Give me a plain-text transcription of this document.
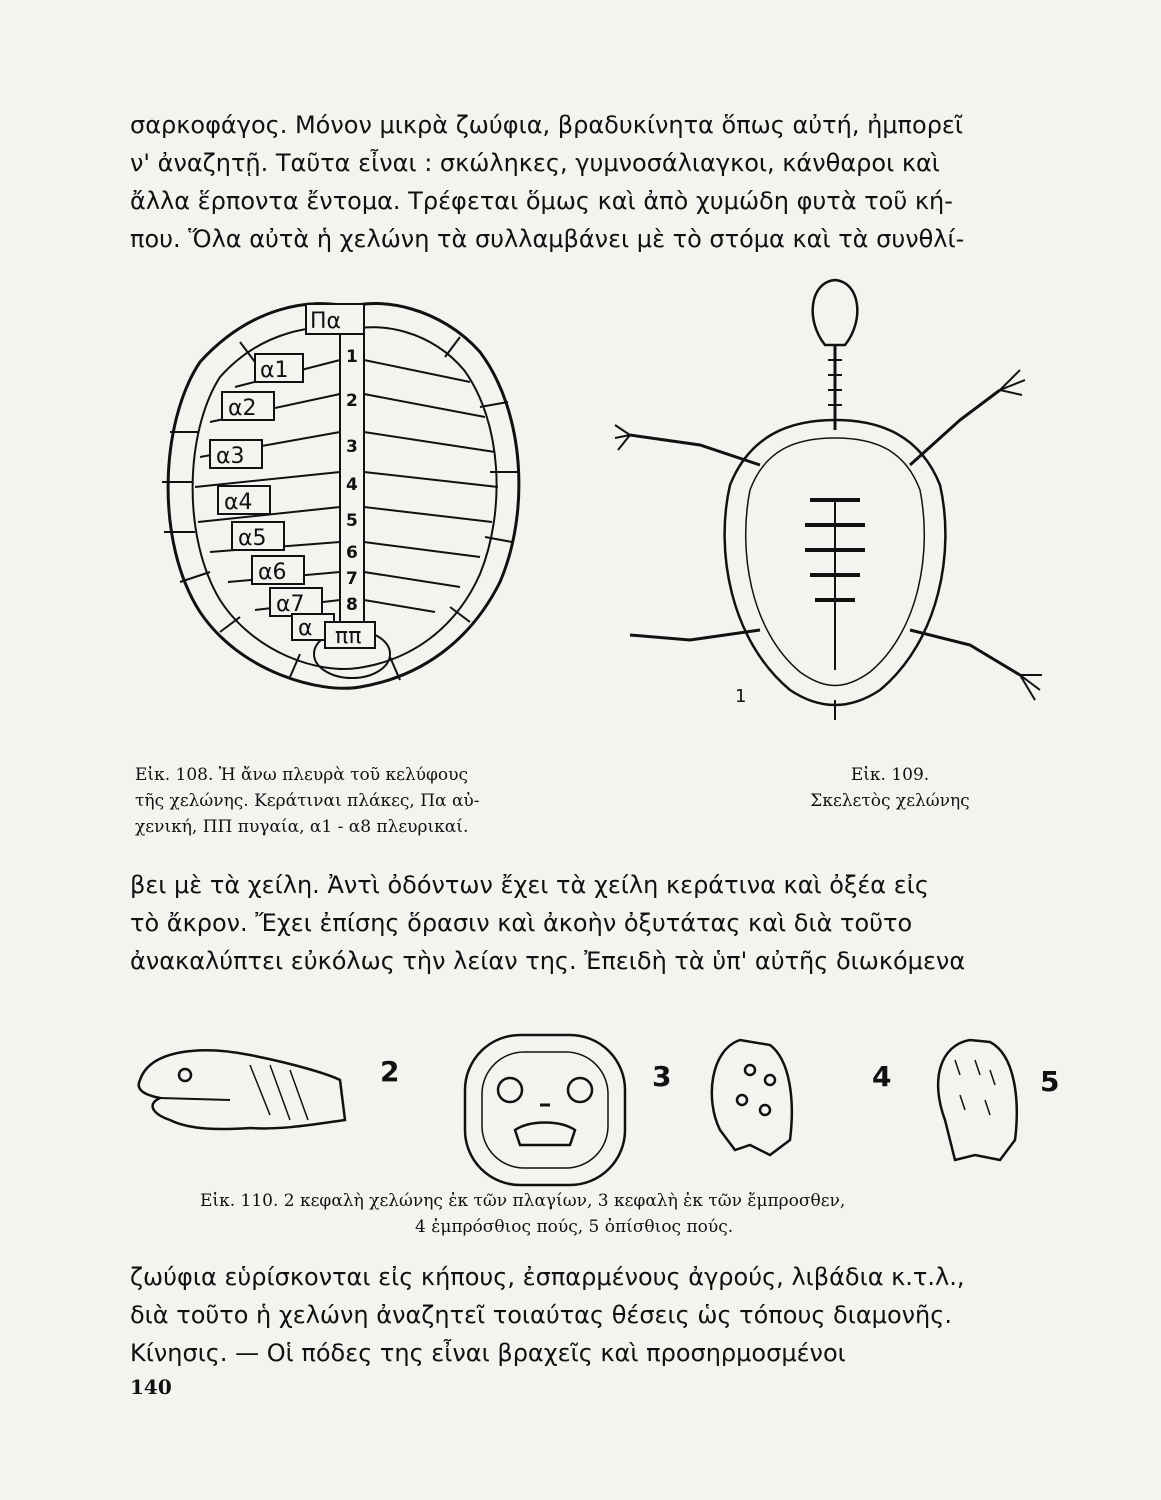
σαρκοφάγος. Μόνον μικρὰ ζωύφια, βραδυκίνητα ὅπως αὐτή, ἠμπορεῖ
ν' ἀναζητῇ. Ταῦτα εἶναι : σκώληκες, γυμνοσάλιαγκοι, κάνθαροι καὶ
ἄλλα ἕρποντα ἔντομα. Τρέφεται ὅμως καὶ ἀπὸ χυμώδη φυτὰ τοῦ κή-
που. Ὅλα αὐτὰ ἡ χελώνη τὰ συλλαμβάνει μὲ τὸ στόμα καὶ τὰ συνθλί-

Πα
α1
α2
α3
α4
α5
α6
α7
α ππ
1
2
3
4
5
6
7
8
1

Εἰκ. 108. Ἡ ἄνω πλευρὰ τοῦ κελύφους
τῆς χελώνης. Κεράτιναι πλάκες, Πα αὐ-
χενική, ΠΠ πυγαία, α1 - α8 πλευρικαί.

Εἰκ. 109.
Σκελετὸς χελώνης

βει μὲ τὰ χείλη. Ἀντὶ ὀδόντων ἔχει τὰ χείλη κεράτινα καὶ ὀξέα εἰς
τὸ ἄκρον. Ἔχει ἐπίσης ὅρασιν καὶ ἀκοὴν ὀξυτάτας καὶ διὰ τοῦτο
ἀνακαλύπτει εὐκόλως τὴν λείαν της. Ἐπειδὴ τὰ ὑπ' αὐτῆς διωκόμενα

2	3	4	5

Εἰκ. 110. 2 κεφαλὴ χελώνης ἐκ τῶν πλαγίων, 3 κεφαλὴ ἐκ τῶν ἔμπροσθεν,
4 ἐμπρόσθιος πούς, 5 ὀπίσθιος πούς.

ζωύφια εὑρίσκονται εἰς κήπους, ἐσπαρμένους ἀγρούς, λιβάδια κ.τ.λ.,
διὰ τοῦτο ἡ χελώνη ἀναζητεῖ τοιαύτας θέσεις ὡς τόπους διαμονῆς.
Κίνησις. — Οἱ πόδες της εἶναι βραχεῖς καὶ προσηρμοσμένοι

140
